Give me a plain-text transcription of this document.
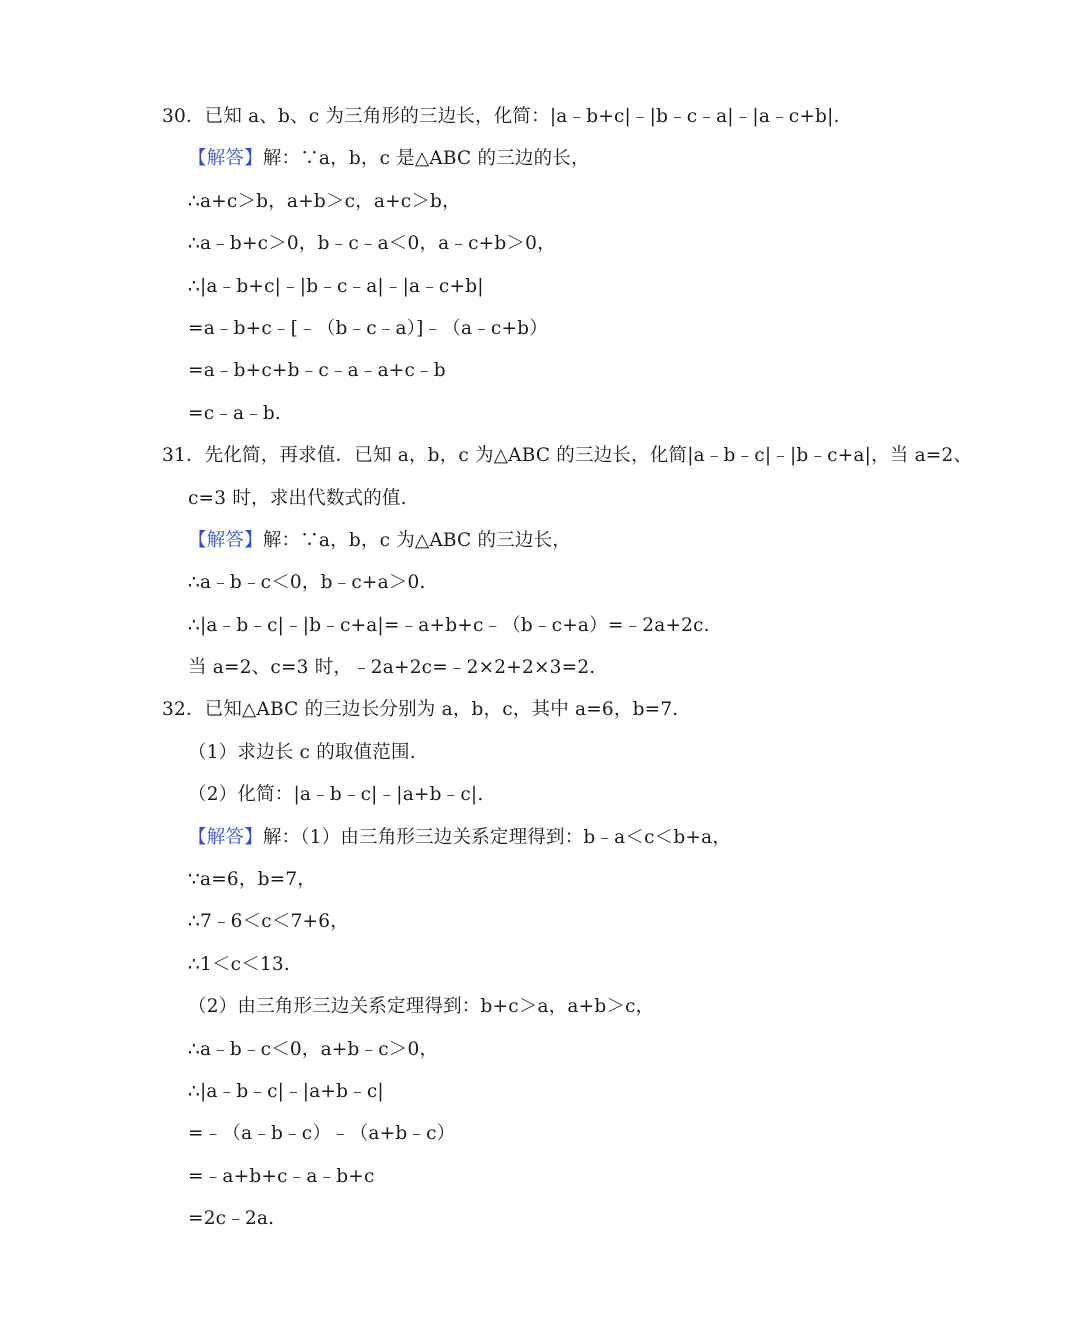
30．已知 a、b、c 为三角形的三边长，化简：|a﹣b+c|﹣|b﹣c﹣a|﹣|a﹣c+b|.
【解答】解：∵a，b，c 是△ABC 的三边的长，
∴a+c＞b，a+b＞c，a+c＞b，
∴a﹣b+c＞0，b﹣c﹣a＜0，a﹣c+b＞0，
∴|a﹣b+c|﹣|b﹣c﹣a|﹣|a﹣c+b|
=a﹣b+c﹣[﹣（b﹣c﹣a）]﹣（a﹣c+b）
=a﹣b+c+b﹣c﹣a﹣a+c﹣b
=c﹣a﹣b.
31．先化简，再求值．已知 a，b，c 为△ABC 的三边长，化简|a﹣b﹣c|﹣|b﹣c+a|，当 a=2、
c=3 时，求出代数式的值.
【解答】解：∵a，b，c 为△ABC 的三边长，
∴a﹣b﹣c＜0，b﹣c+a＞0.
∴|a﹣b﹣c|﹣|b﹣c+a|=﹣a+b+c﹣（b﹣c+a）=﹣2a+2c.
当 a=2、c=3 时，﹣2a+2c=﹣2×2+2×3=2.
32．已知△ABC 的三边长分别为 a，b，c，其中 a=6，b=7.
（1）求边长 c 的取值范围.
（2）化简：|a﹣b﹣c|﹣|a+b﹣c|.
【解答】解：（1）由三角形三边关系定理得到：b﹣a＜c＜b+a，
∵a=6，b=7，
∴7﹣6＜c＜7+6，
∴1＜c＜13.
（2）由三角形三边关系定理得到：b+c＞a，a+b＞c，
∴a﹣b﹣c＜0，a+b﹣c＞0，
∴|a﹣b﹣c|﹣|a+b﹣c|
=﹣（a﹣b﹣c）﹣（a+b﹣c）
=﹣a+b+c﹣a﹣b+c
=2c﹣2a.
